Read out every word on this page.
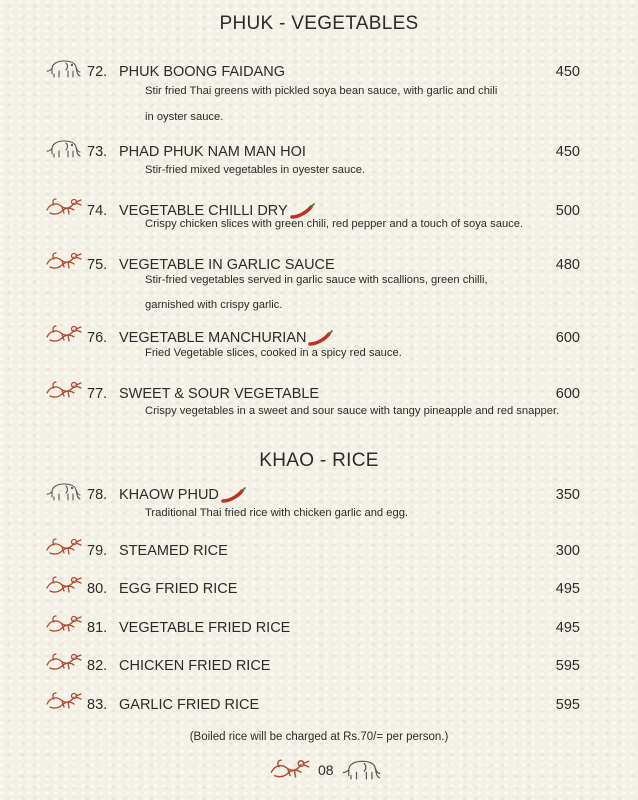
PHUK - VEGETABLES
KHAO - RICE
72. PHUK BOONG FAIDANG	450
Stir fried Thai greens with pickled soya bean sauce, with garlic and chili
in oyster sauce.
73. PHAD PHUK NAM MAN HOI	450
Stir-fried mixed vegetables in oyester sauce.
74. VEGETABLE CHILLI DRY	500
Crispy chicken slices with green chili, red pepper and a touch of soya sauce.
75. VEGETABLE IN GARLIC SAUCE	480
Stir-fried vegetables served in garlic sauce with scallions, green chilli,
garnished with crispy garlic.
76. VEGETABLE MANCHURIAN	600
Fried Vegetable slices, cooked in a spicy red sauce.
77. SWEET & SOUR VEGETABLE	600
Crispy vegetables in a sweet and sour sauce with tangy pineapple and red snapper.
78. KHAOW PHUD	350
Traditional Thai fried rice with chicken garlic and egg.
79. STEAMED RICE	300
80. EGG FRIED RICE	495
81. VEGETABLE FRIED RICE	495
82. CHICKEN FRIED RICE	595
83. GARLIC FRIED RICE	595
(Boiled rice will be charged at Rs.70/= per person.)
08
